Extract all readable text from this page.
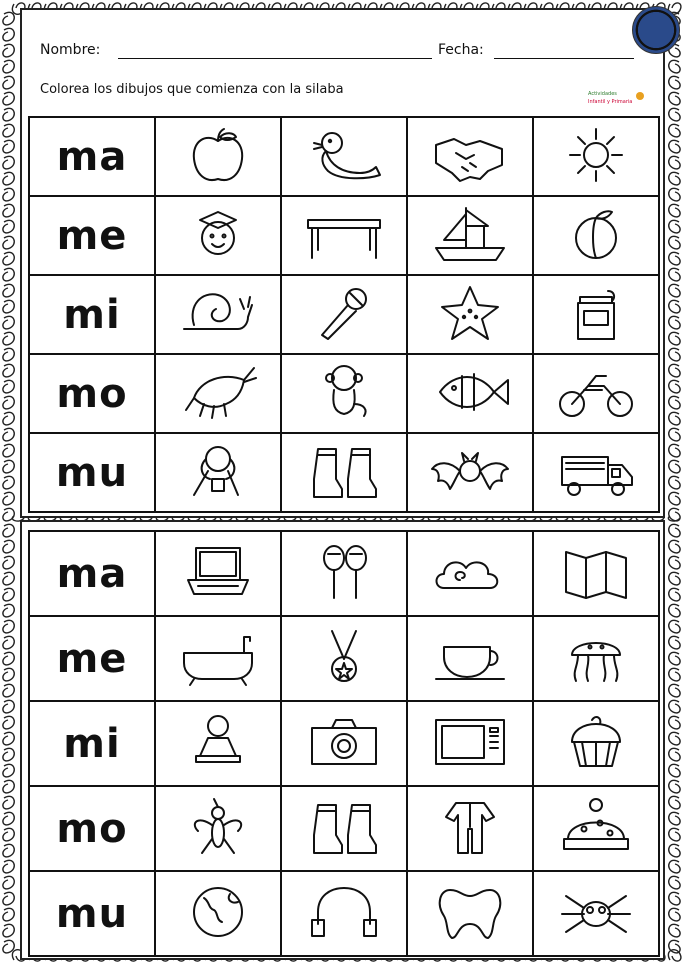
Nombre:	Fecha:
Colorea los dibujos que comienza con la silaba	Actividades
Infantil y Primaria
ma
me
mi
mo
mu
ma
me
mi
mo
mu
